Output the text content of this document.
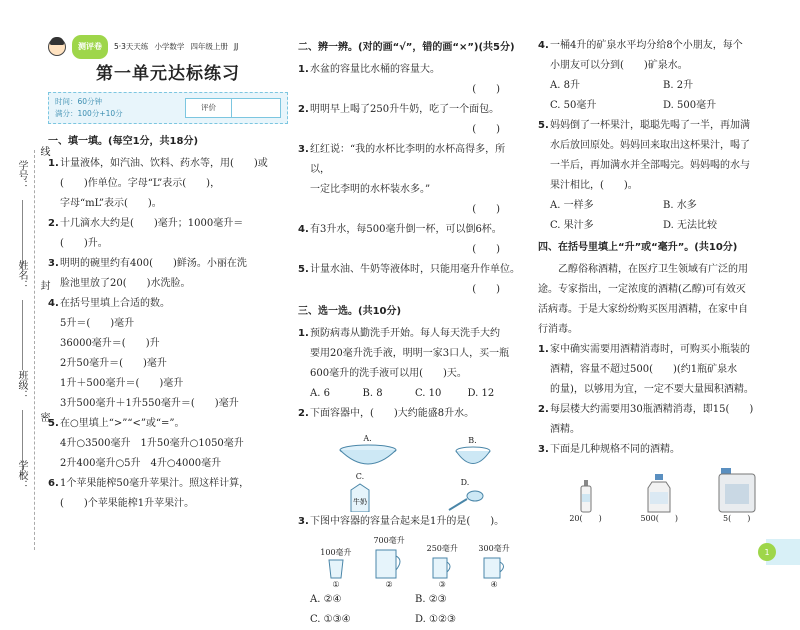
学号：
姓名：
班级：
学校：
线
封
密
测评卷	5·3天天练 小学数学 四年级上册 JJ
第一单元达标练习
时间：60分钟
满分：100分+10分
评价
一、填一填。(每空1分，共18分)
1. 计量液体，如汽油、饮料、药水等，用(　　)或
(　　)作单位。字母“L”表示(　　)，
字母“mL”表示(　　)。
2. 十几滴水大约是(　　)毫升；1000毫升＝
(　　)升。
3. 明明的碗里约有400(　　)鲜汤。小丽在洗
脸池里放了20(　　)水洗脸。
4. 在括号里填上合适的数。
5升＝(　　)毫升
36000毫升＝(　　)升
2升50毫升＝(　　)毫升
1升＋500毫升＝(　　)毫升
3升500毫升＋1升550毫升＝(　　)毫升
5. 在○里填上“>”“<”或“=”。
4升○3500毫升　1升50毫升○1050毫升
2升400毫升○5升　4升○4000毫升
6. 1个苹果能榨50毫升苹果汁。照这样计算，
(　　)个苹果能榨1升苹果汁。
二、辨一辨。(对的画“√”，错的画“×”)(共5分)
1. 水盆的容量比水桶的容量大。
(　　)
2. 明明早上喝了250升牛奶，吃了一个面包。
(　　)
3. 红红说：“我的水杯比李明的水杯高得多，所以，
一定比李明的水杯装水多。”
(　　)
4. 有3升水，每500毫升倒一杯，可以倒6杯。
(　　)
5. 计量水油、牛奶等液体时，只能用毫升作单位。
(　　)
三、选一选。(共10分)
1. 预防病毒从勤洗手开始。每人每天洗手大约
要用20毫升洗手液，明明一家3口人，买一瓶
600毫升的洗手液可以用(　　)天。
A. 6	B. 8	C. 10	D. 12
2. 下面容器中，(　　)大约能盛8升水。
A.	B.
C.
牛奶
D.
3. 下图中容器的容量合起来是1升的是(　　)。
100毫升
①
700毫升
②
250毫升
③
300毫升
④
A. ②④	B. ②③
C. ①③④	D. ①②③
4. 一桶4升的矿泉水平均分给8个小朋友，每个
小朋友可以分到(　　)矿泉水。
A. 8升	B. 2升
C. 50毫升	D. 500毫升
5. 妈妈倒了一杯果汁，聪聪先喝了一半，再加满
水后放回原处。妈妈回来取出这杯果汁，喝了
一半后，再加满水并全部喝完。妈妈喝的水与
果汁相比，(　　)。
A. 一样多	B. 水多
C. 果汁多	D. 无法比较
四、在括号里填上“升”或“毫升”。(共10分)
乙醇俗称酒精，在医疗卫生领域有广泛的用
途。专家指出，一定浓度的酒精(乙醇)可有效灭
活病毒。于是大家纷纷购买医用酒精，在家中自
行消毒。
1. 家中确实需要用酒精消毒时，可购买小瓶装的
酒精，容量不超过500(　　)(约1瓶矿泉水
的量)，以够用为宜，一定不要大量囤积酒精。
2. 每层楼大约需要用30瓶酒精消毒，即15(　　)
酒精。
3. 下面是几种规格不同的酒精。
20(　　)	500(　　)	5(　　)
1
